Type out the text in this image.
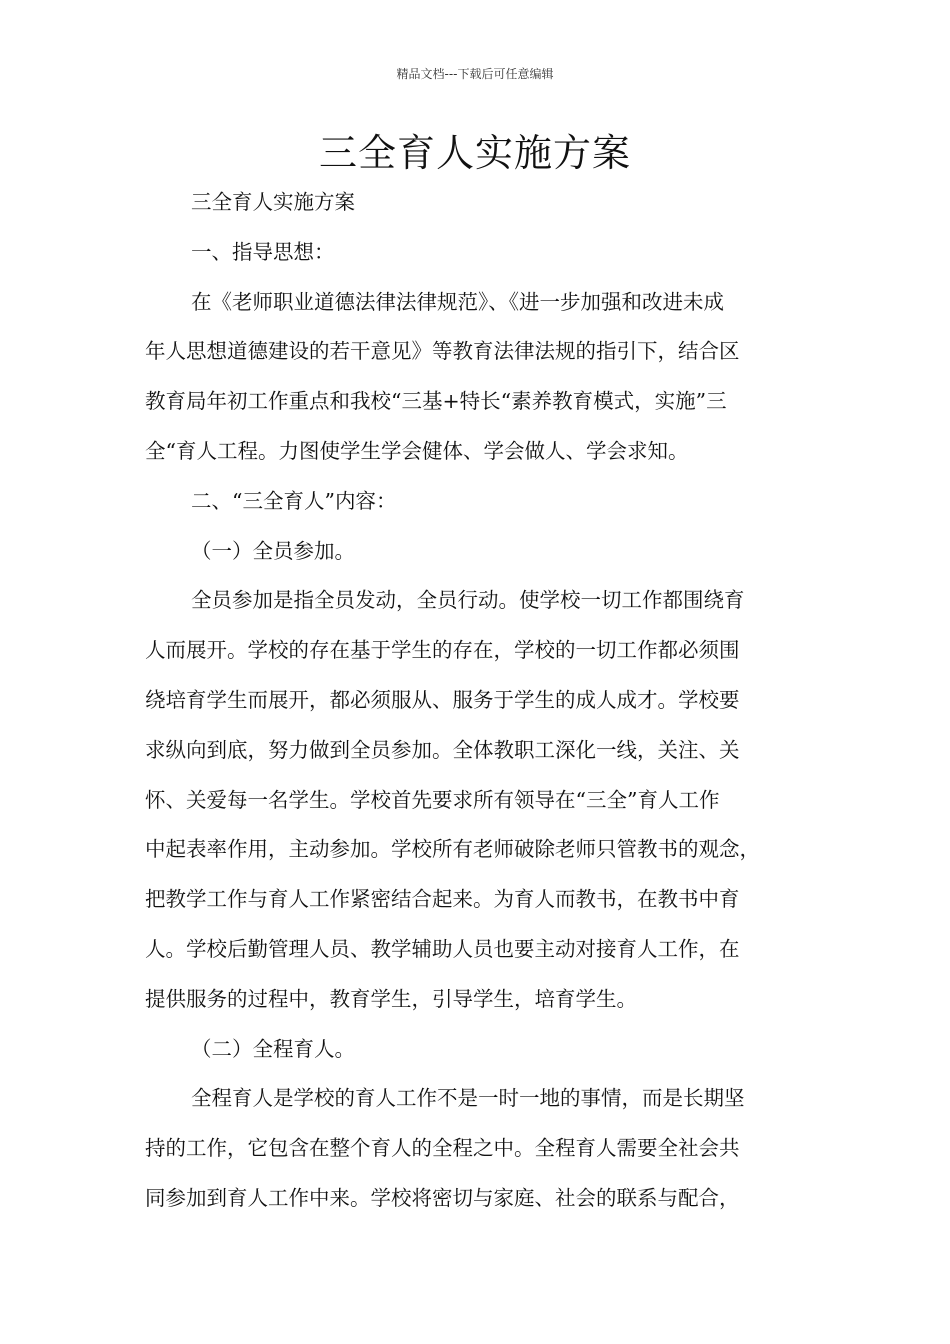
精品文档---下载后可任意编辑
三全育人实施方案
三全育人实施方案
一、指导思想：
在《老师职业道德法律法律规范》、《进一步加强和改进未成
年人思想道德建设的若干意见》等教育法律法规的指引下，结合区
教育局年初工作重点和我校“三基+特长“素养教育模式，实施”三
全“育人工程。力图使学生学会健体、学会做人、学会求知。
二、“三全育人”内容：
（一）全员参加。
全员参加是指全员发动，全员行动。使学校一切工作都围绕育
人而展开。学校的存在基于学生的存在，学校的一切工作都必须围
绕培育学生而展开，都必须服从、服务于学生的成人成才。学校要
求纵向到底，努力做到全员参加。全体教职工深化一线，关注、关
怀、关爱每一名学生。学校首先要求所有领导在“三全”育人工作
中起表率作用，主动参加。学校所有老师破除老师只管教书的观念，
把教学工作与育人工作紧密结合起来。为育人而教书，在教书中育
人。学校后勤管理人员、教学辅助人员也要主动对接育人工作，在
提供服务的过程中，教育学生，引导学生，培育学生。
（二）全程育人。
全程育人是学校的育人工作不是一时一地的事情，而是长期坚
持的工作，它包含在整个育人的全程之中。全程育人需要全社会共
同参加到育人工作中来。学校将密切与家庭、社会的联系与配合，
